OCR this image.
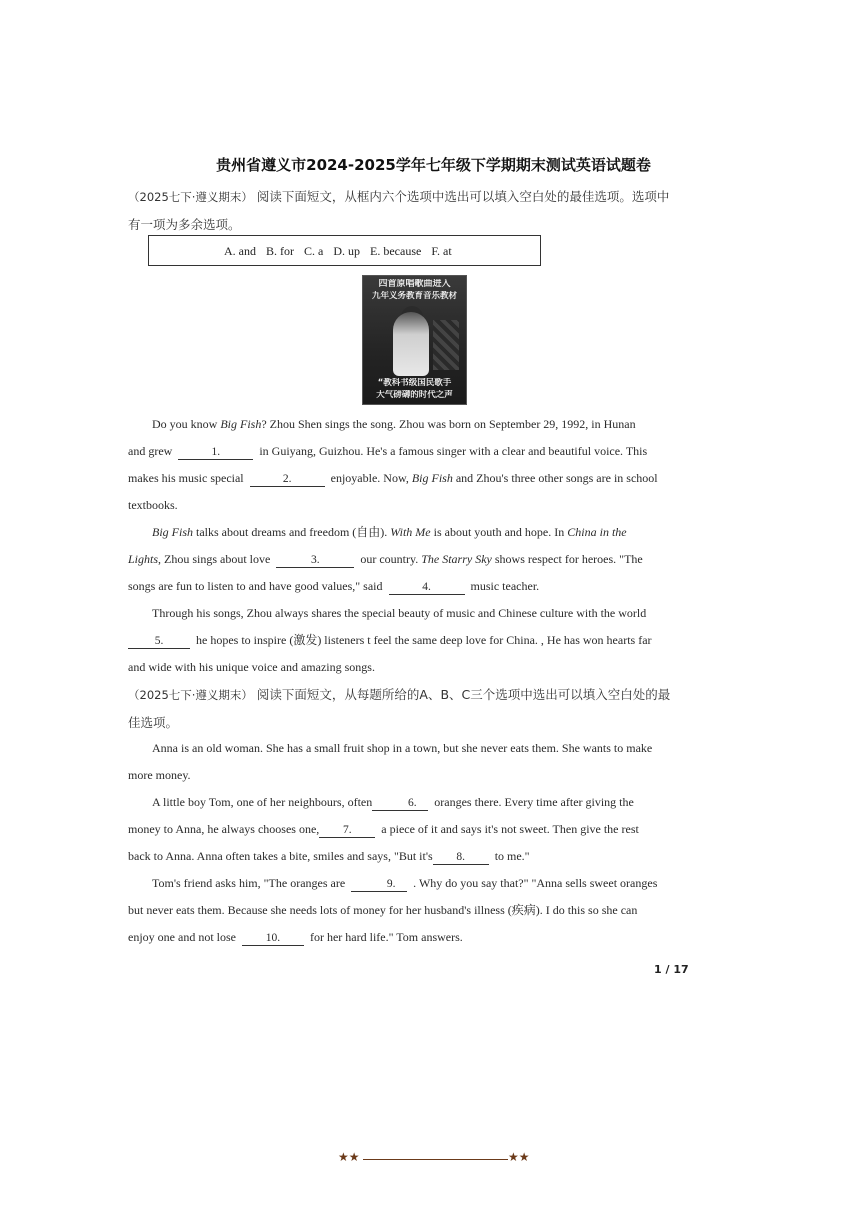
贵州省遵义市2024-2025学年七年级下学期期末测试英语试题卷
（2025七下·遵义期末） 阅读下面短文，从框内六个选项中选出可以填入空白处的最佳选项。选项中
有一项为多余选项。
A. and B. for C. a D. up E. because F. at
四首原唱歌曲进入
九年义务教育音乐教材
“教科书级国民歌手
大气磅礴的时代之声
Do you know Big Fish? Zhou Shen sings the song. Zhou was born on September 29, 1992, in Hunan
and grew	1.	in Guiyang, Guizhou. He's a famous singer with a clear and beautiful voice. This
makes his music special	2.	enjoyable. Now, Big Fish and Zhou's three other songs are in school
textbooks.
Big Fish talks about dreams and freedom (自由). With Me is about youth and hope. In China in the
Lights, Zhou sings about love	3.	our country. The Starry Sky shows respect for heroes. "The
songs are fun to listen to and have good values," said	4.	music teacher.
Through his songs, Zhou always shares the special beauty of music and Chinese culture with the world
5.	he hopes to inspire (激发) listeners t feel the same deep love for China. , He has won hearts far
and wide with his unique voice and amazing songs.
（2025七下·遵义期末） 阅读下面短文，从每题所给的A、B、C三个选项中选出可以填入空白处的最
佳选项。
Anna is an old woman. She has a small fruit shop in a town, but she never eats them. She wants to make
more money.
A little boy Tom, one of her neighbours, often	6. oranges there. Every time after giving the
money to Anna, he always chooses one, 7. a piece of it and says it's not sweet. Then give the rest
back to Anna. Anna often takes a bite, smiles and says, "But it's 8. to me."
Tom's friend asks him, "The oranges are	9. . Why do you say that?" "Anna sells sweet oranges
but never eats them. Because she needs lots of money for her husband's illness (疾病). I do this so she can
enjoy one and not lose	10. for her hard life." Tom answers.
1 / 17
★★	★★
